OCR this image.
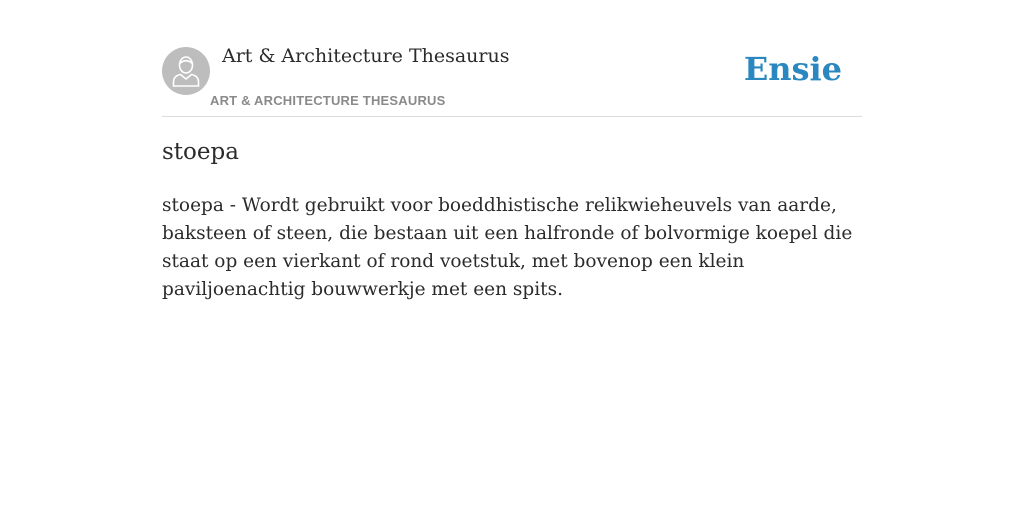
Art & Architecture Thesaurus
ART & ARCHITECTURE THESAURUS
Ensie
stoepa

stoepa - Wordt gebruikt voor boeddhistische relikwieheuvels van aarde, baksteen of steen, die bestaan uit een halfronde of bolvormige koepel die staat op een vierkant of rond voetstuk, met bovenop een klein paviljoenachtig bouwwerkje met een spits.
